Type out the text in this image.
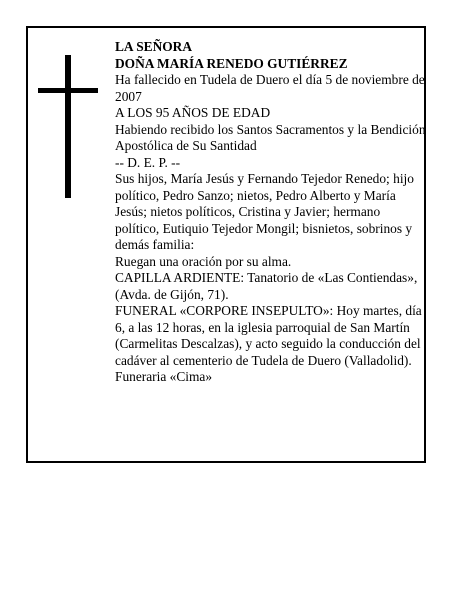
LA SEÑORA

DOÑA MARÍA RENEDO GUTIÉRREZ

Ha fallecido en Tudela de Duero el día 5 de noviembre de 2007

A LOS 95 AÑOS DE EDAD

Habiendo recibido los Santos Sacramentos y la Bendición Apostólica de Su Santidad

-- D. E. P. --

Sus hijos, María Jesús y Fernando Tejedor Renedo; hijo político, Pedro Sanzo; nietos, Pedro Alberto y María Jesús; nietos políticos, Cristina y Javier; hermano político, Eutiquio Tejedor Mongil; bisnietos, sobrinos y demás familia:

Ruegan una oración por su alma.

CAPILLA ARDIENTE: Tanatorio de «Las Contiendas», (Avda. de Gijón, 71).

FUNERAL «CORPORE INSEPULTO»: Hoy martes, día 6, a las 12 horas, en la iglesia parroquial de San Martín (Carmelitas Descalzas), y acto seguido la conducción del cadáver al cementerio de Tudela de Duero (Valladolid).

Funeraria «Cima»
